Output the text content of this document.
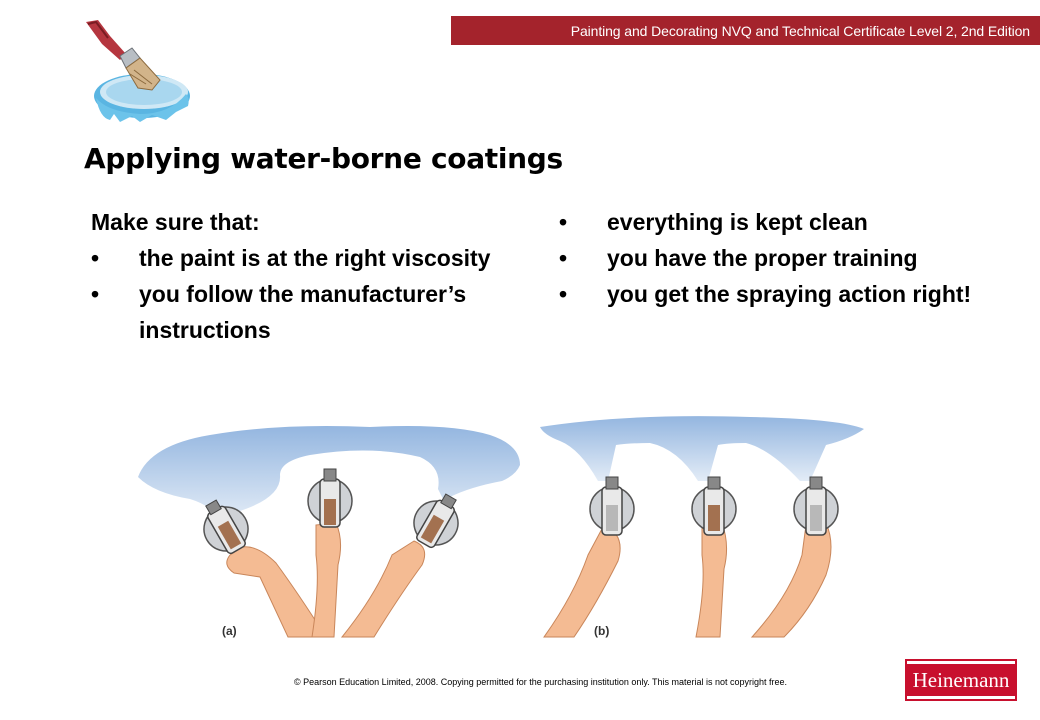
Painting and Decorating NVQ and Technical Certificate Level 2, 2nd Edition
Applying water-borne coatings
Make sure that:
•	the paint is at the right viscosity
•	you follow the manufacturer’s instructions
•	everything is kept clean
•	you have the proper training
•	you get the spraying action right!
(a)	(b)
© Pearson Education Limited, 2008. Copying permitted for the purchasing institution only. This material is not copyright free.	Heinemann
